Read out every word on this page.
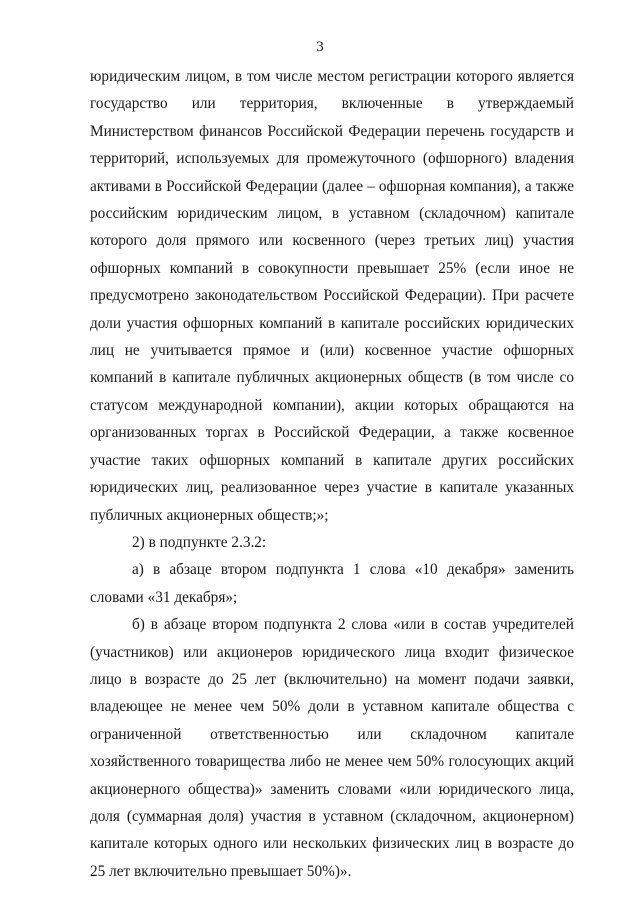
3

юридическим лицом, в том числе местом регистрации которого является государство или территория, включенные в утверждаемый Министерством финансов Российской Федерации перечень государств и территорий, используемых для промежуточного (офшорного) владения активами в Российской Федерации (далее – офшорная компания), а также российским юридическим лицом, в уставном (складочном) капитале которого доля прямого или косвенного (через третьих лиц) участия офшорных компаний в совокупности превышает 25% (если иное не предусмотрено законодательством Российской Федерации). При расчете доли участия офшорных компаний в капитале российских юридических лиц не учитывается прямое и (или) косвенное участие офшорных компаний в капитале публичных акционерных обществ (в том числе со статусом международной компании), акции которых обращаются на организованных торгах в Российской Федерации, а также косвенное участие таких офшорных компаний в капитале других российских юридических лиц, реализованное через участие в капитале указанных публичных акционерных обществ;»;

2) в подпункте 2.3.2:

а) в абзаце втором подпункта 1 слова «10 декабря» заменить словами «31 декабря»;

б) в абзаце втором подпункта 2 слова «или в состав учредителей (участников) или акционеров юридического лица входит физическое лицо в возрасте до 25 лет (включительно) на момент подачи заявки, владеющее не менее чем 50% доли в уставном капитале общества с ограниченной ответственностью или складочном капитале хозяйственного товарищества либо не менее чем 50% голосующих акций акционерного общества)» заменить словами «или юридического лица, доля (суммарная доля) участия в уставном (складочном, акционерном) капитале которых одного или нескольких физических лиц в возрасте до 25 лет включительно превышает 50%)».
